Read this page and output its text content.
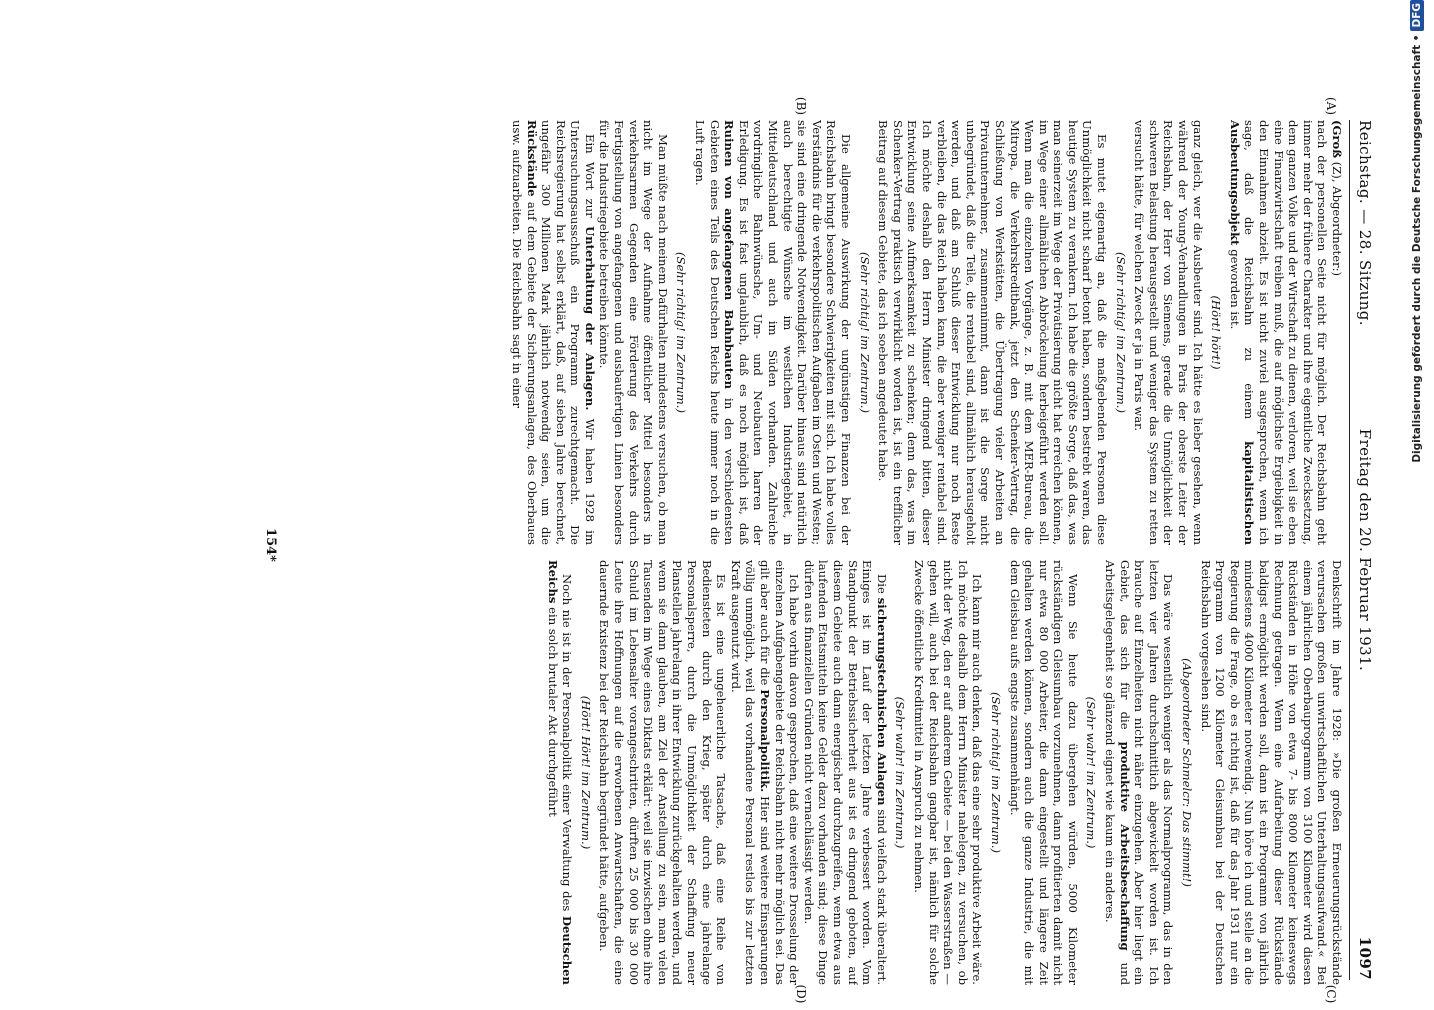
Reichstag. — 28. Sitzung.
Freitag den 20. Februar 1931.
1097
(A)
(B)
(C)
(D)

(Groß (Z), Abgeordneter:)

nach der personellen Seite nicht für möglich. Der Reichsbahn geht immer mehr der frühere Charakter und ihre eigentliche Zwecksetzung, dem ganzen Volke und der Wirtschaft zu dienen, verloren, weil sie eben eine Finanzwirtschaft treiben muß, die auf möglichste Ergiebigkeit in den Einnahmen abzielt. Es ist nicht zuviel ausgesprochen, wenn ich sage, daß die Reichsbahn zu einem kapitalistischen Ausbeutungsobjekt geworden ist.

(Hört! hört!)

ganz gleich, wer die Ausbeuter sind. Ich hätte es lieber gesehen, wenn während der Young-Verhandlungen in Paris der oberste Leiter der Reichsbahn, der Herr von Siemens, gerade die Unmöglichkeit der schweren Belastung herausgestellt und weniger das System zu retten versucht hätte, für welchen Zweck er ja in Paris war.

(Sehr richtig! im Zentrum.)

Es mutet eigenartig an, daß die maßgebenden Personen diese Unmöglichkeit nicht scharf betont haben, sondern bestrebt waren, das heutige System zu verankern. Ich habe die größte Sorge, daß das, was man seinerzeit im Wege der Privatisierung nicht hat erreichen können, im Wege einer allmählichen Abbröckelung herbeigeführt werden soll. Wenn man die einzelnen Vorgänge, z. B. mit dem MER-Bureau, die Mitropa, die Verkehrskreditbank, jetzt den Schenker-Vertrag, die Schließung von Werkstätten, die Übertragung vieler Arbeiten an Privatunternehmer, zusammennimmt, dann ist die Sorge nicht unbegründet, daß die Teile, die rentabel sind, allmählich herausgeholt werden, und daß am Schluß dieser Entwicklung nur noch Reste verbleiben, die das Reich haben kann, die aber weniger rentabel sind. Ich möchte deshalb den Herrn Minister dringend bitten, dieser Entwicklung seine Aufmerksamkeit zu schenken; denn das, was im Schenker-Vertrag praktisch verwirklicht worden ist, ist ein trefflicher Beitrag auf diesem Gebiete, das ich soeben angedeutet habe.

(Sehr richtig! im Zentrum.)

Die allgemeine Auswirkung der ungünstigen Finanzen bei der Reichsbahn bringt besondere Schwierigkeiten mit sich. Ich habe volles Verständnis für die verkehrspolitischen Aufgaben im Osten und Westen; sie sind eine dringende Notwendigkeit. Darüber hinaus sind natürlich auch berechtigte Wünsche im westlichen Industriegebiet, in Mitteldeutschland und auch im Süden vorhanden. Zahlreiche vordringliche Bahnwünsche, Um- und Neubauten harren der Erledigung. Es ist fast unglaublich, daß es noch möglich ist, daß Ruinen von angefangenen Bahnbauten in den verschiedensten Gebieten eines Teils des Deutschen Reichs heute immer noch in die Luft ragen.

(Sehr richtig! im Zentrum.)

Man müßte nach meinem Dafürhalten mindestens versuchen, ob man nicht im Wege der Aufnahme öffentlicher Mittel besonders in verkehrsarmen Gegenden eine Förderung des Verkehrs durch Fertigstellung von angefangenen und ausbaufertigen Linien besonders für die Industriegebiete betreiben könnte.

Ein Wort zur Unterhaltung der Anlagen. Wir haben 1928 im Untersuchungsausschuß ein Programm zurechtgemacht. Die Reichsregierung hat selbst erklärt, daß, auf sieben Jahre berechnet, ungefähr 300 Millionen Mark jährlich notwendig seien, um die Rückstände auf dem Gebiete der Sicherungsanlagen, des Oberbaues usw. aufzuarbeiten. Die Reichsbahn sagt in einer

Denkschrift im Jahre 1928: »Die großen Erneuerungsrückstände verursachen großen unwirtschaftlichen Unterhaltungsaufwand.« Bei einem jährlichen Oberbauprogramm von 3100 Kilometer wird diesen Rückständen in Höhe von etwa 7- bis 8000 Kilometer keineswegs Rechnung getragen. Wenn eine Aufarbeitung dieser Rückstände baldigst ermöglicht werden soll, dann ist ein Programm von jährlich mindestens 4000 Kilometer notwendig. Nun höre ich und stelle an die Regierung die Frage, ob es richtig ist, daß für das Jahr 1931 nur ein Programm von 1200 Kilometer Gleisumbau bei der Deutschen Reichsbahn vorgesehen sind.

(Abgeordneter Schmelcr: Das stimmt!)

Das wäre wesentlich weniger als das Normalprogramm, das in den letzten vier Jahren durchschnittlich abgewickelt worden ist. Ich brauche auf Einzelheiten nicht näher einzugehen. Aber hier liegt ein Gebiet, das sich für die produktive Arbeitsbeschaffung und Arbeitsgelegenheit so glänzend eignet wie kaum ein anderes.

(Sehr wahr! im Zentrum.)

Wenn Sie heute dazu übergehen würden, 5000 Kilometer rückständigen Gleisumbau vorzunehmen, dann profitierten damit nicht nur etwa 80 000 Arbeiter, die dann eingestellt und längere Zeit gehalten werden können, sondern auch die ganze Industrie, die mit dem Gleisbau aufs engste zusammenhängt.

(Sehr richtig! im Zentrum.)

Ich kann mir auch denken, daß das eine sehr produktive Arbeit wäre. Ich möchte deshalb dem Herrn Minister nahelegen, zu versuchen, ob nicht der Weg, den er auf anderem Gebiete — bei den Wasserstraßen — gehen will, auch bei der Reichsbahn gangbar ist, nämlich für solche Zwecke öffentliche Kreditmittel in Anspruch zu nehmen.

(Sehr wahr! im Zentrum.)

Die sicherungstechnischen Anlagen sind vielfach stark überaltert. Einiges ist im Lauf der letzten Jahre verbessert worden. Vom Standpunkt der Betriebssicherheit aus ist es dringend geboten, auf diesem Gebiete auch dann energischer durchzugreifen, wenn etwa aus laufenden Etatsmitteln keine Gelder dazu vorhanden sind; diese Dinge dürfen aus finanziellen Gründen nicht vernachlässigt werden.

Ich habe vorhin davon gesprochen, daß eine weitere Drosselung der einzelnen Aufgabengebiete der Reichsbahn nicht mehr möglich sei. Das gilt aber auch für die Personalpolitik. Hier sind weitere Einsparungen völlig unmöglich, weil das vorhandene Personal restlos bis zur letzten Kraft ausgenutzt wird.

Es ist eine ungeheuerliche Tatsache, daß eine Reihe von Bediensteten durch den Krieg, später durch eine jahrelange Personalsperre, durch die Unmöglichkeit der Schaffung neuer Planstellen jahrelang in ihrer Entwicklung zurückgehalten werden, und wenn sie dann glauben, am Ziel der Anstellung zu sein, man vielen Tausenden im Wege eines Diktats erklärt: weil sie inzwischen ohne ihre Schuld im Lebensalter vorangeschritten, dürften 25 000 bis 30 000 Leute ihre Hoffnungen auf die erworbenen Anwartschaften, die eine dauernde Existenz bei der Reichsbahn begründet hätte, aufgeben.

(Hört! Hört! im Zentrum.)

Noch nie ist in der Personalpolitik einer Verwaltung des Deutschen Reichs ein solch brutaler Akt durchgeführt

154*
Digitalisierung gefördert durch die Deutsche Forschungsgemeinschaft •DFG
